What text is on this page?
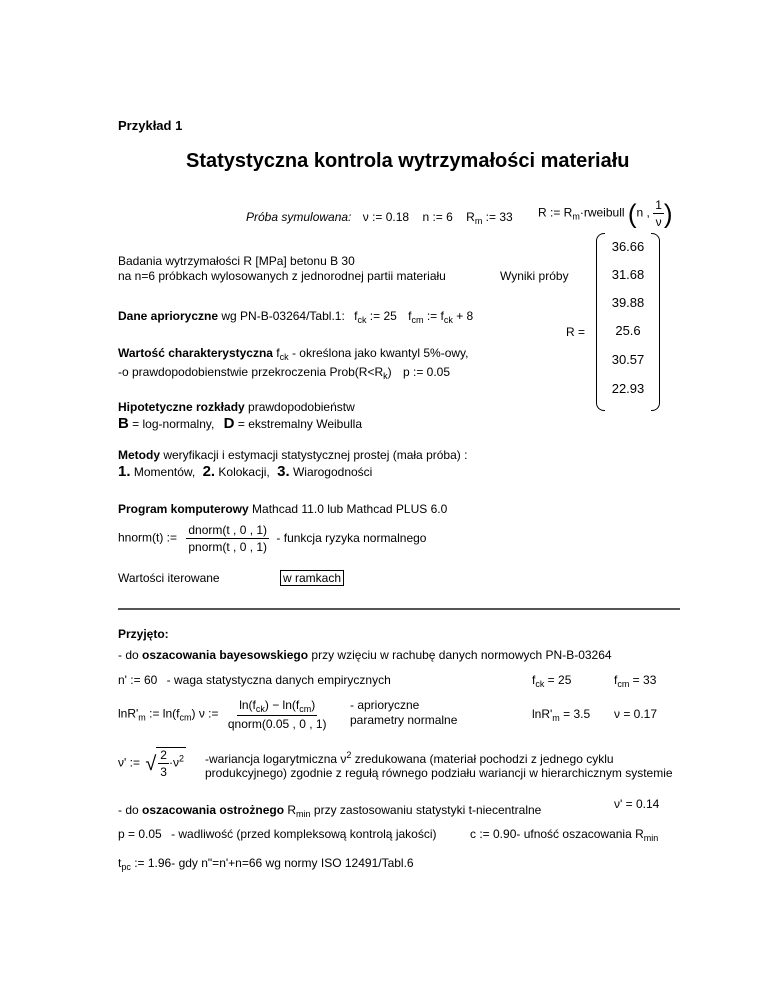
Przykład 1
Statystyczna kontrola wytrzymałości materiału
Próba symulowana: ν := 0.18 n := 6 $R_m$ := 33 R := $R_m\cdot rweibull$ (n , $\frac{1}{\nu}$ )
Badania wytrzymałości R [MPa] betonu B 30
na n=6 próbkach wylosowanych z jednorodnej partii materiału	Wyniki próby
R =
36.66
31.68
39.88
25.6
30.57
22.93
Dane aprioryczne wg PN-B-03264/Tabl.1: $f_{ck}$ := 25 $f_{cm}$ := $f_{ck} + 8$
Wartość charakterystyczna $f_{ck}$ - określona jako kwantyl 5%-owy,
-o prawdopodobienstwie przekroczenia $Prob(R<R_k)$ p := 0.05
Hipotetyczne rozkłady prawdopodobieństw
B = log-normalny, D = ekstremalny Weibulla
Metody weryfikacji i estymacji statystycznej prostej (mała próba) :
1. Momentów, 2. Kolokacji, 3. Wiarogodności
Program komputerowy Mathcad 11.0 lub Mathcad PLUS 6.0
hnorm(t) := $\frac{\text{dnorm(t , 0 , 1)}}{\text{pnorm(t , 0 , 1)}}$ - funkcja ryzyka normalnego
Wartości iterowane	w ramkach
Przyjęto:
- do oszacowania bayesowskiego przy wzięciu w rachubę danych normowych PN-B-03264
n' := 60 - waga statystyczna danych empirycznych	$f_{ck} = 25$	$f_{cm} = 33$
$\ln R'_m$ := $\ln(f_{cm})$ ν := $\frac{\ln(f_{ck}) - \ln(f_{cm})}{\text{qnorm(0.05 , 0 , 1)}}$ - aprioryczne
parametry normalne	$\ln R'_m = 3.5$ ν = 0.17
ν' := √ $\frac{2}{3} \cdot\nu^2$ -wariancja logarytmiczna $\nu^2$ zredukowana (materiał pochodzi z jednego cyklu
produkcyjnego) zgodnie z regułą równego podziału wariancji w hierarchicznym systemie
ν' = 0.14
- do oszacowania ostrożnego $R_{min}$ przy zastosowaniu statystyki t-niecentralne
p = 0.05 - wadliwość (przed kompleksową kontrolą jakości)	c := 0.90- ufność oszacowania $R_{min}$
$t_{pc}$ := 1.96- gdy n"=n'+n=66 wg normy ISO 12491/Tabl.6
